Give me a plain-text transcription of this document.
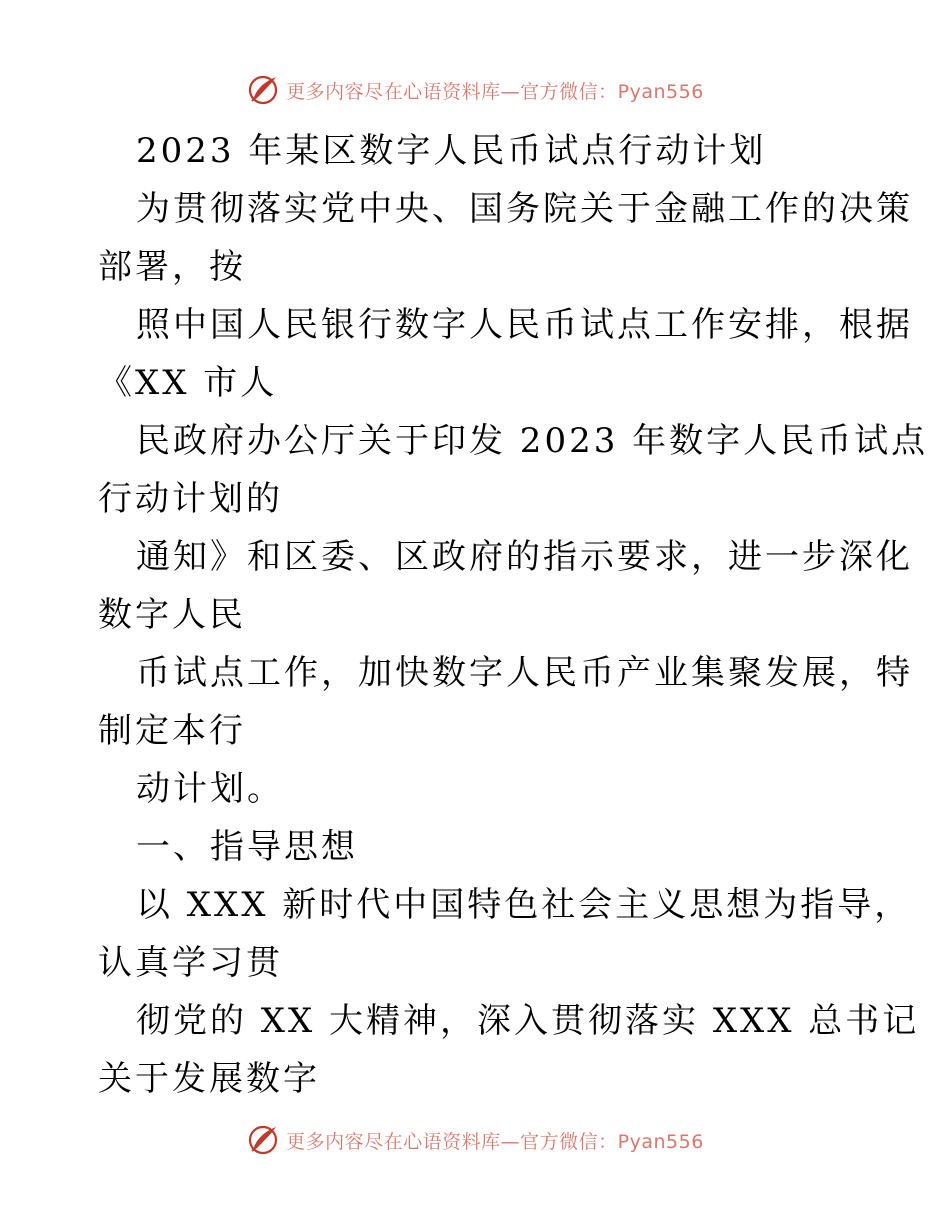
更多内容尽在心语资料库—官方微信：Pyan556
2023 年某区数字人民币试点行动计划
为贯彻落实党中央、国务院关于金融工作的决策
部署，按
照中国人民银行数字人民币试点工作安排，根据
《XX 市人
民政府办公厅关于印发 2023 年数字人民币试点
行动计划的
通知》和区委、区政府的指示要求，进一步深化
数字人民
币试点工作，加快数字人民币产业集聚发展，特
制定本行
动计划。
一、指导思想
以 XXX 新时代中国特色社会主义思想为指导，
认真学习贯
彻党的 XX 大精神，深入贯彻落实 XXX 总书记
关于发展数字
更多内容尽在心语资料库—官方微信：Pyan556
